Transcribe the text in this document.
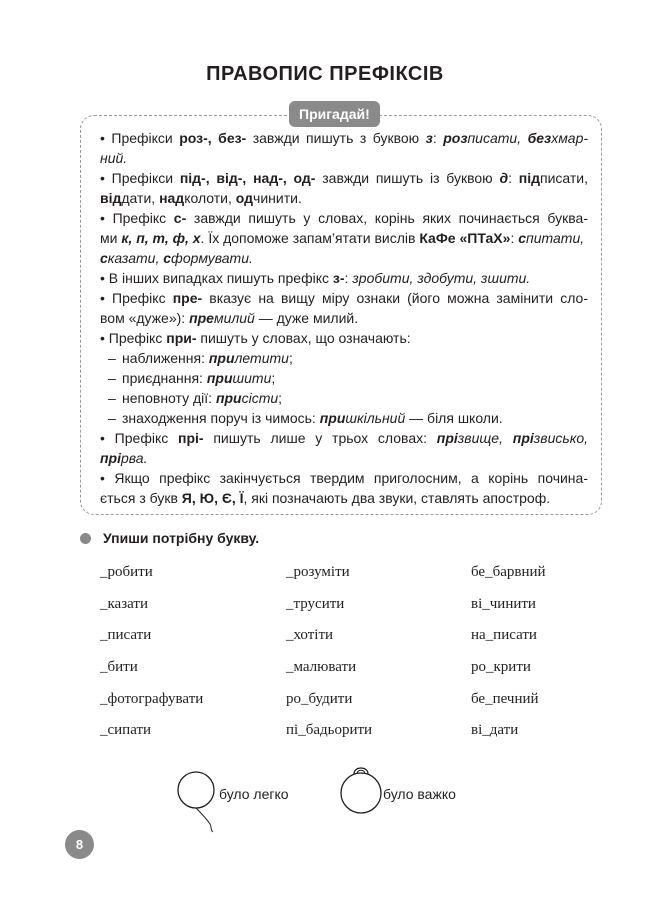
ПРАВОПИС ПРЕФІКСІВ
Пригадай!
• Префікси роз-, без- завжди пишуть з буквою з: розписати, безхмар-
ний.
• Префікси під-, від-, над-, од- завжди пишуть із буквою д: підписати,
віддати, надколоти, одчинити.
• Префікс с- завжди пишуть у словах, корінь яких починається буква-
ми к, п, т, ф, х. Їх допоможе запам’ятати вислів КаФе «ПТаХ»: спитати,
сказати, сформувати.
• В інших випадках пишуть префікс з-: зробити, здобути, зшити.
• Префікс пре- вказує на вищу міру ознаки (його можна замінити сло-
вом «дуже»): премилий — дуже милий.
• Префікс при- пишуть у словах, що означають:
– наближення: прилетити;
– приєднання: пришити;
– неповноту дії: присісти;
– знаходження поруч із чимось: пришкільний — біля школи.
• Префікс прі- пишуть лише у трьох словах: прізвище, прізвисько,
прірва.
• Якщо префікс закінчується твердим приголосним, а корінь почина-
ється з букв Я, Ю, Є, Ї, які позначають два звуки, ставлять апостроф.
Упиши потрібну букву.
_робити	_розуміти	бе_барвний
_казати	_трусити	ві_чинити
_писати	_хотіти	на_писати
_бити	_малювати	ро_крити
_фотографувати	ро_будити	бе_печний
_сипати	пі_бадьорити	ві_дати
було легко	було важко
8
